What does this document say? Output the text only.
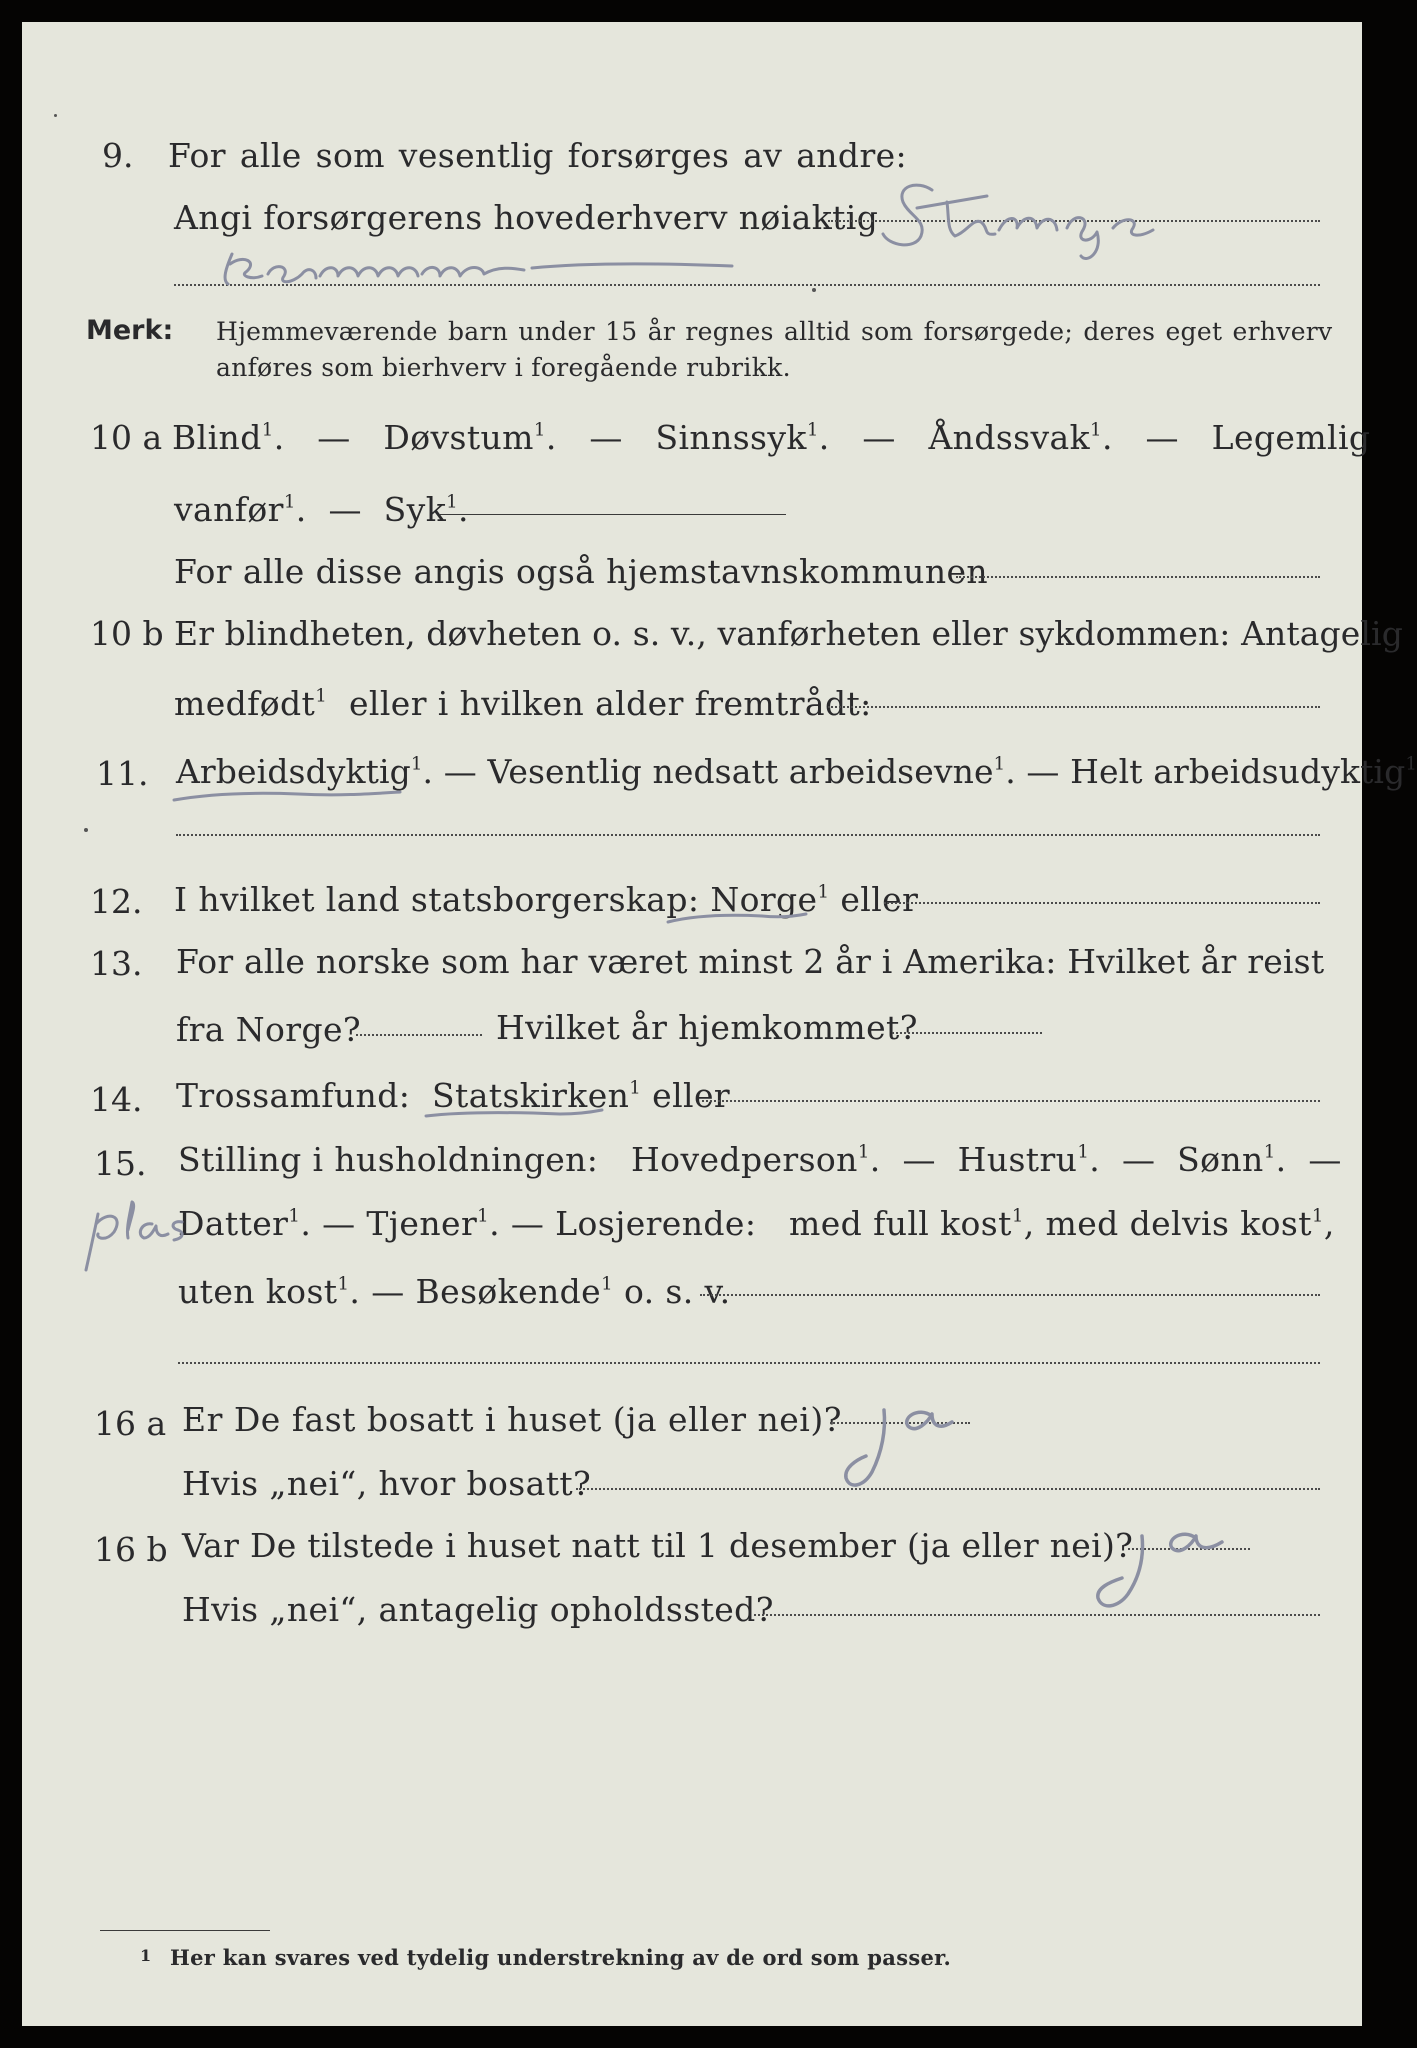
9. For alle som vesentlig forsørges av andre:
Angi forsørgerens hovederhverv nøiaktig
Merk: Hjemmeværende barn under 15 år regnes alltid som forsørgede; deres eget erhverv
anføres som bierhverv i foregående rubrikk.
10 a Blind$^1$.   — Døvstum$^1$.   — Sinnssyk$^1$.   — Åndssvak$^1$.   — Legemlig
vanfør$^1$.  — Syk$^1$.
For alle disse angis også hjemstavnskommunen
10 b Er blindheten, døvheten o. s. v., vanførheten eller sykdommen: Antagelig
medfødt$^1$ eller i hvilken alder fremtrådt:
11. Arbeidsdyktig$^1$. — Vesentlig nedsatt arbeidsevne$^1$. — Helt arbeidsudyktig$^1$
12. I hvilket land statsborgerskap: Norge$^1$ eller
13. For alle norske som har været minst 2 år i Amerika: Hvilket år reist
fra Norge?	Hvilket år hjemkommet?
14. Trossamfund: Statskirken$^1$ eller
15. Stilling i husholdningen: Hovedperson$^1$.  — Hustru$^1$.  — Sønn$^1$.  —
Datter$^1$. — Tjener$^1$. — Losjerende: med full kost$^1$, med delvis kost$^1$,
uten kost$^1$. — Besøkende$^1$ o. s. v.
16 a Er De fast bosatt i huset (ja eller nei)?
Hvis „nei“, hvor bosatt?
16 b Var De tilstede i huset natt til 1 desember (ja eller nei)?
Hvis „nei“, antagelig opholdssted?
1 Her kan svares ved tydelig understrekning av de ord som passer.
